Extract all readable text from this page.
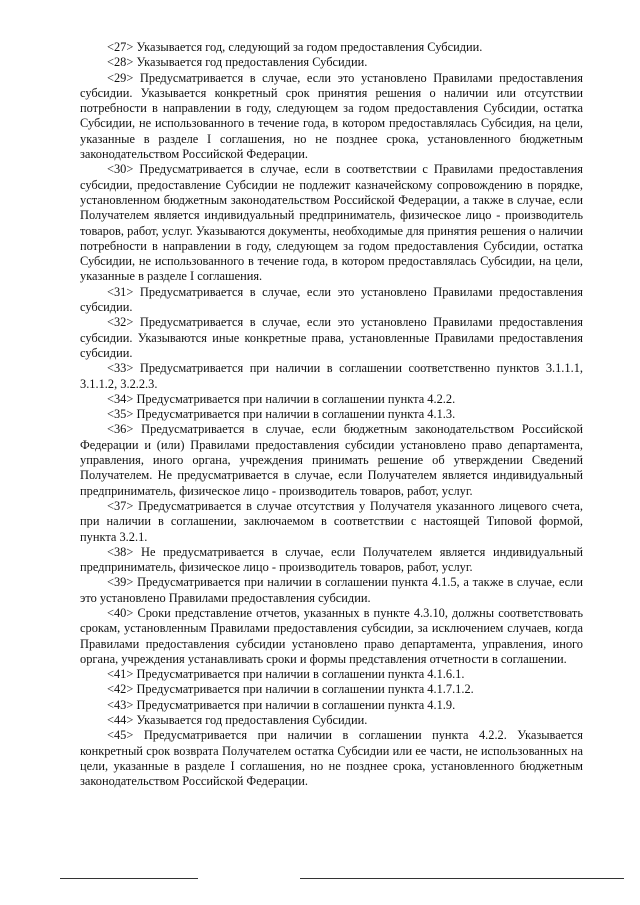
<27> Указывается год, следующий за годом предоставления Субсидии.

<28> Указывается год предоставления Субсидии.

<29> Предусматривается в случае, если это установлено Правилами предоставления субсидии. Указывается конкретный срок принятия решения о наличии или отсутствии потребности в направлении в году, следующем за годом предоставления Субсидии, остатка Субсидии, не использованного в течение года, в котором предоставлялась Субсидия, на цели, указанные в разделе I соглашения, но не позднее срока, установленного бюджетным законодательством Российской Федерации.

<30> Предусматривается в случае, если в соответствии с Правилами предоставления субсидии, предоставление Субсидии не подлежит казначейскому сопровождению в порядке, установленном бюджетным законодательством Российской Федерации, а также в случае, если Получателем является индивидуальный предприниматель, физическое лицо - производитель товаров, работ, услуг. Указываются документы, необходимые для принятия решения о наличии потребности в направлении в году, следующем за годом предоставления Субсидии, остатка Субсидии, не использованного в течение года, в котором предоставлялась Субсидии, на цели, указанные в разделе I соглашения.

<31> Предусматривается в случае, если это установлено Правилами предоставления субсидии.

<32> Предусматривается в случае, если это установлено Правилами предоставления субсидии. Указываются иные конкретные права, установленные Правилами предоставления субсидии.

<33> Предусматривается при наличии в соглашении соответственно пунктов 3.1.1.1, 3.1.1.2, 3.2.2.3.

<34> Предусматривается при наличии в соглашении пункта 4.2.2.

<35> Предусматривается при наличии в соглашении пункта 4.1.3.

<36> Предусматривается в случае, если бюджетным законодательством Российской Федерации и (или) Правилами предоставления субсидии установлено право департамента, управления, иного органа, учреждения принимать решение об утверждении Сведений Получателем. Не предусматривается в случае, если Получателем является индивидуальный предприниматель, физическое лицо - производитель товаров, работ, услуг.

<37> Предусматривается в случае отсутствия у Получателя указанного лицевого счета, при наличии в соглашении, заключаемом в соответствии с настоящей Типовой формой, пункта 3.2.1.

<38> Не предусматривается в случае, если Получателем является индивидуальный предприниматель, физическое лицо - производитель товаров, работ, услуг.

<39> Предусматривается при наличии в соглашении пункта 4.1.5, а также в случае, если это установлено Правилами предоставления субсидии.

<40> Сроки представление отчетов, указанных в пункте 4.3.10, должны соответствовать срокам, установленным Правилами предоставления субсидии, за исключением случаев, когда Правилами предоставления субсидии установлено право департамента, управления, иного органа, учреждения устанавливать сроки и формы представления отчетности в соглашении.

<41> Предусматривается при наличии в соглашении пункта 4.1.6.1.

<42> Предусматривается при наличии в соглашении пункта 4.1.7.1.2.

<43> Предусматривается при наличии в соглашении пункта 4.1.9.

<44> Указывается год предоставления Субсидии.

<45> Предусматривается при наличии в соглашении пункта 4.2.2. Указывается конкретный срок возврата Получателем остатка Субсидии или ее части, не использованных на цели, указанные в разделе I соглашения, но не позднее срока, установленного бюджетным законодательством Российской Федерации.
